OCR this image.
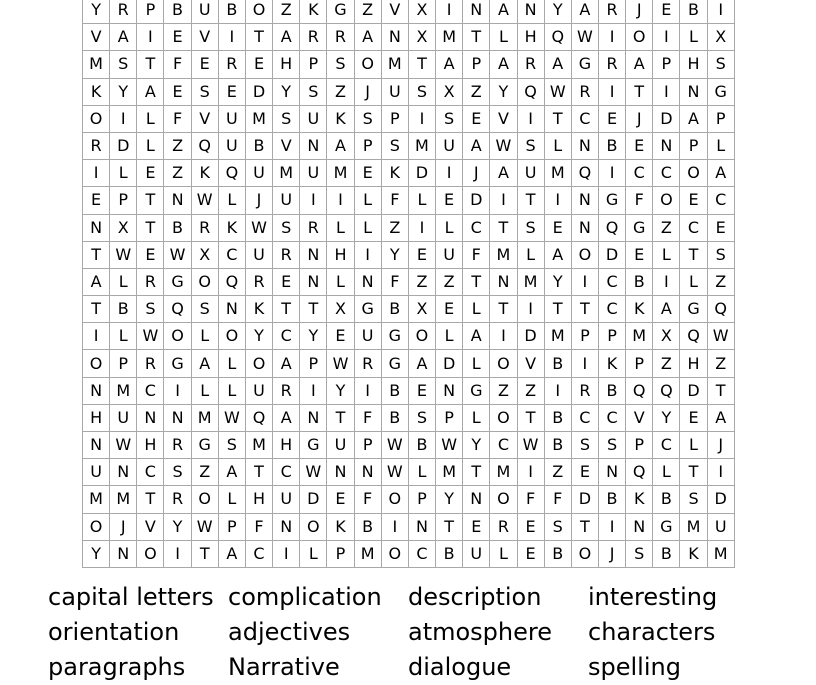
Y	R	P	B U B O Z	K G Z	V	X	I	N A N	Y	A	R	J	E	B	I
V	A	I	E	V	I	T	A	R	R	A N X M T	L	H Q W	I	O	I	L	X
M S	T	F	E	R	E	H	P	S O M T	A	P	A	R	A G R	A	P	H	S
K	Y	A	E	S	E D	Y	S	Z	J	U	S	X	Z	Y Q W R	I	T	I	N G
O	I	L	F	V U M S	U	K	S	P	I	S	E	V	I	T	C	E	J	D A	P
R D	L	Z Q U B	V N A	P	S M U A W S	L	N B	E	N	P	L
I	L	E	Z	K Q U M U M E	K D	I	J	A U M Q	I	C C O A
E	P	T	N W L	J	U	I	I	L	F	L	E D	I	T	I	N G	F	O E	C
N X	T	B	R	K W S	R	L	L	Z	I	L	C	T	S	E	N Q G Z	C	E
T W E W X	C U R N H	I	Y	E	U	F M L	A O D E	L	T	S
A	L	R G O Q R	E	N	L	N	F	Z	Z	T	N M Y	I	C	B	I	L	Z
T	B	S Q S	N K	T	T	X G B	X	E	L	T	I	T	T	C	K	A G Q
I	L W O	L	O Y	C	Y	E	U G O	L	A	I	D M P	P M X Q W
O	P	R G A	L	O A	P W R G A D	L	O V	B	I	K	P	Z H Z
N M C	I	L	L	U R	I	Y	I	B	E	N G Z	Z	I	R	B Q Q D	T
H U N N M W Q A N	T	F	B	S	P	L	O T	B	C C	V	Y	E	A
N W H R G S M H G U	P W B W Y	C W B	S	S	P	C	L	J
U N C	S	Z	A	T	C W N N W L M T M	I	Z	E	N Q	L	T	I
M M T	R O	L	H U D E	F	O	P	Y	N O	F	F	D B	K	B	S D
O	J	V	Y W P	F	N O K	B	I	N	T	E	R	E	S	T	I	N G M U
Y	N O	I	T	A	C	I	L	P M O C	B U	L	E	B O	J	S	B	K M
capital letters complication	description	interesting
orientation	adjectives	atmosphere	characters
paragraphs	Narrative	dialogue	spelling
